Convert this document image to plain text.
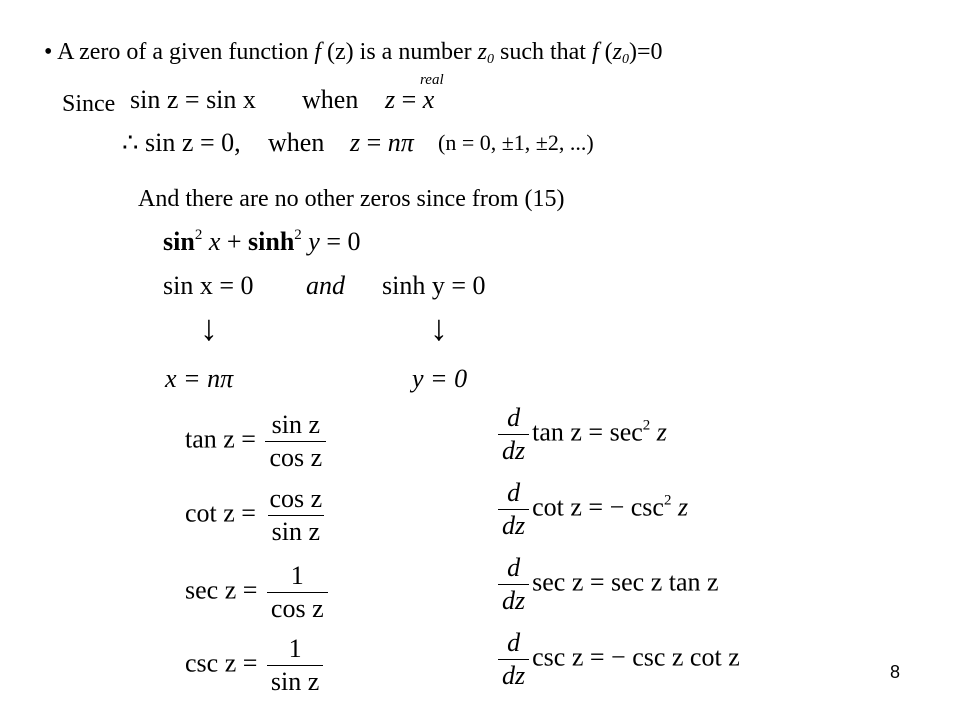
• A zero of a given function f (z) is a number $z_0$ such that f $(z_0)=0$
Since sin z = sin x when z = x
real
∴ sin z = 0, when z = nπ (n = 0, ±1, ±2, ...)
And there are no other zeros since from (15)
$\sin^2 x + \sinh^2 y = 0$
sin x = 0 and sinh y = 0
↓	↓
x = nπ	y = 0
$\tan z = \frac{\text{sin z}}{\text{cos z}}$
$\cot z = \frac{\text{cos z}}{\text{sin z}}$
$\sec z = \frac{1}{\text{cos z}}$
$\csc z = \frac{1}{\text{sin z}}$
$\frac{d}{dz}$ $\tan z = \sec^2 z$
$\frac{d}{dz}$ cot z = − $\csc^2 z$
$\frac{d}{dz}$ sec z = sec z tan z
$\frac{d}{dz}$ csc z = − csc z cot z
8
